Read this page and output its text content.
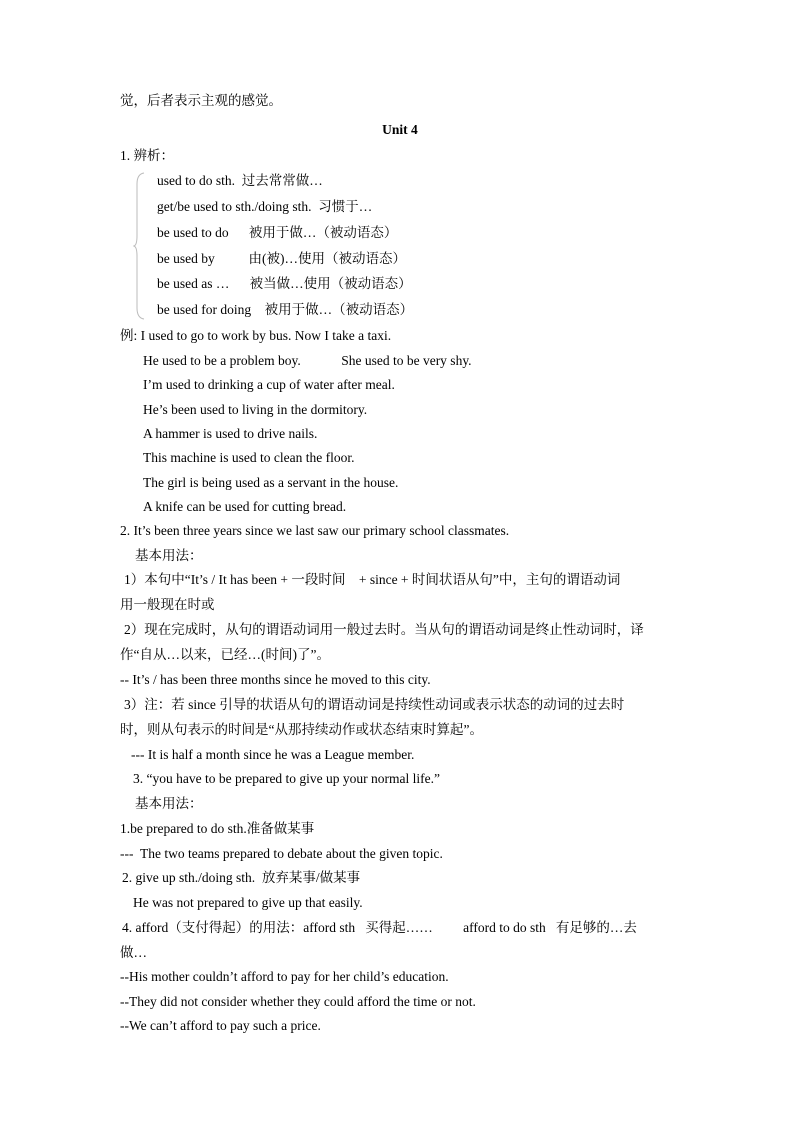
觉，后者表示主观的感觉。
Unit 4
1. 辨析：
used to do sth.  过去常常做…
get/be used to sth./doing sth.  习惯于…
be used to do      被用于做…（被动语态）
be used by          由(被)…使用（被动语态）
be used as …      被当做…使用（被动语态）
be used for doing    被用于做…（被动语态）
例: I used to go to work by bus. Now I take a taxi.
He used to be a problem boy.            She used to be very shy.
I’m used to drinking a cup of water after meal.
He’s been used to living in the dormitory.
A hammer is used to drive nails.
This machine is used to clean the floor.
The girl is being used as a servant in the house.
A knife can be used for cutting bread.
2. It’s been three years since we last saw our primary school classmates.
基本用法：
1）本句中“It’s / It has been + 一段时间    + since + 时间状语从句”中，主句的谓语动词
用一般现在时或
2）现在完成时，从句的谓语动词用一般过去时。当从句的谓语动词是终止性动词时，译
作“自从…以来，已经…(时间)了”。
-- It’s / has been three months since he moved to this city.
3）注：若 since 引导的状语从句的谓语动词是持续性动词或表示状态的动词的过去时
时，则从句表示的时间是“从那持续动作或状态结束时算起”。
--- It is half a month since he was a League member.
3. “you have to be prepared to give up your normal life.”
基本用法：
1.be prepared to do sth.准备做某事
---  The two teams prepared to debate about the given topic.
2. give up sth./doing sth.  放弃某事/做某事
He was not prepared to give up that easily.
4. afford（支付得起）的用法：afford sth   买得起……         afford to do sth   有足够的…去
做…
--His mother couldn’t afford to pay for her child’s education.
--They did not consider whether they could afford the time or not.
--We can’t afford to pay such a price.
